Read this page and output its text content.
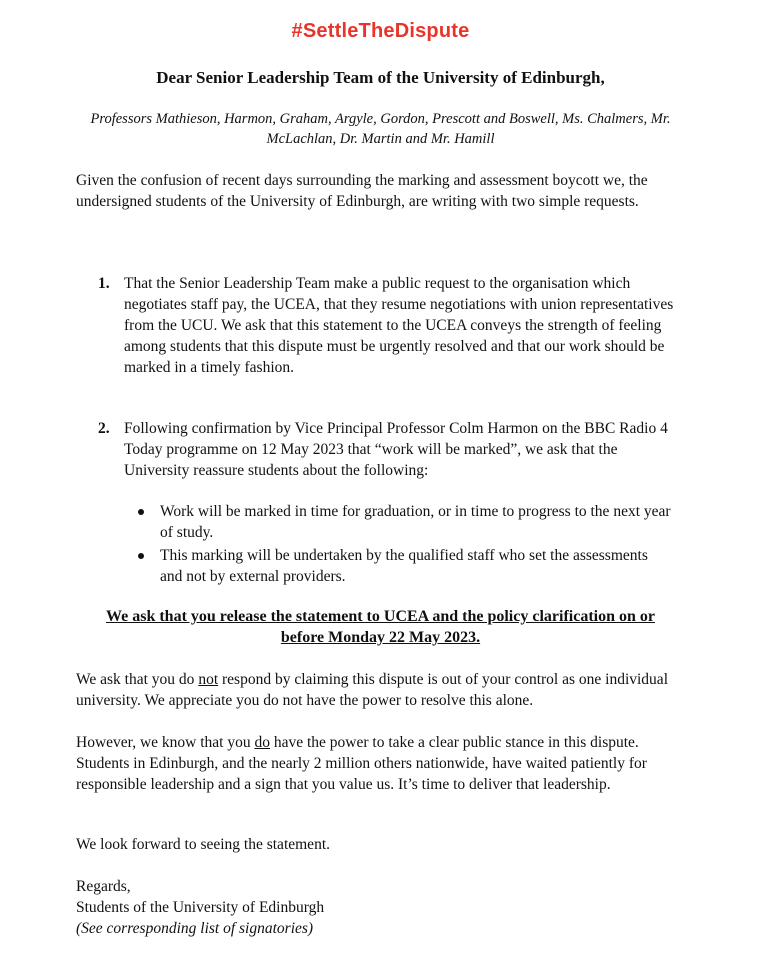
#SettleTheDispute
Dear Senior Leadership Team of the University of Edinburgh,
Professors Mathieson, Harmon, Graham, Argyle, Gordon, Prescott and Boswell, Ms. Chalmers, Mr. McLachlan, Dr. Martin and Mr. Hamill
Given the confusion of recent days surrounding the marking and assessment boycott we, the undersigned students of the University of Edinburgh, are writing with two simple requests.
1. That the Senior Leadership Team make a public request to the organisation which negotiates staff pay, the UCEA, that they resume negotiations with union representatives from the UCU. We ask that this statement to the UCEA conveys the strength of feeling among students that this dispute must be urgently resolved and that our work should be marked in a timely fashion.
2. Following confirmation by Vice Principal Professor Colm Harmon on the BBC Radio 4 Today programme on 12 May 2023 that “work will be marked”, we ask that the University reassure students about the following:
Work will be marked in time for graduation, or in time to progress to the next year of study.
This marking will be undertaken by the qualified staff who set the assessments and not by external providers.
We ask that you release the statement to UCEA and the policy clarification on or before Monday 22 May 2023.
We ask that you do not respond by claiming this dispute is out of your control as one individual university. We appreciate you do not have the power to resolve this alone.
However, we know that you do have the power to take a clear public stance in this dispute. Students in Edinburgh, and the nearly 2 million others nationwide, have waited patiently for responsible leadership and a sign that you value us. It’s time to deliver that leadership.
We look forward to seeing the statement.
Regards,
Students of the University of Edinburgh
(See corresponding list of signatories)
